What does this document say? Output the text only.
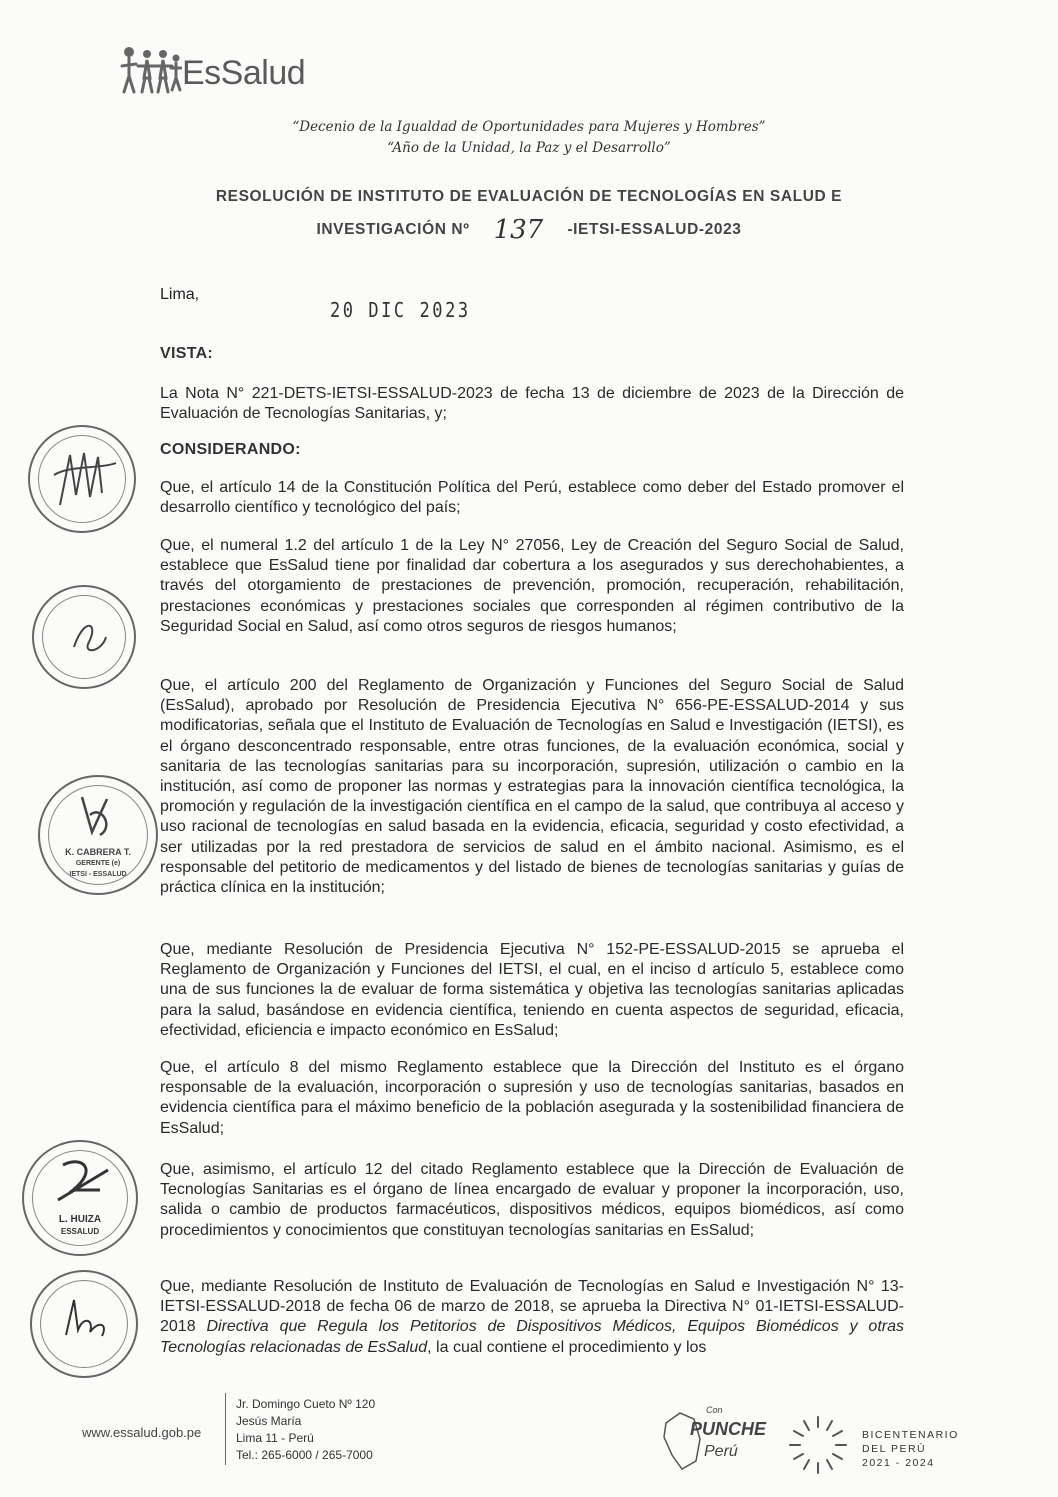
EsSalud
“Decenio de la Igualdad de Oportunidades para Mujeres y Hombres”
“Año de la Unidad, la Paz y el Desarrollo”
RESOLUCIÓN DE INSTITUTO DE EVALUACIÓN DE TECNOLOGÍAS EN SALUD E
INVESTIGACIÓN Nº 137 -IETSI-ESSALUD-2023
Lima,
20 DIC 2023
VISTA:
La Nota N° 221-DETS-IETSI-ESSALUD-2023 de fecha 13 de diciembre de 2023 de la Dirección de Evaluación de Tecnologías Sanitarias, y;
CONSIDERANDO:
Que, el artículo 14 de la Constitución Política del Perú, establece como deber del Estado promover el desarrollo científico y tecnológico del país;
Que, el numeral 1.2 del artículo 1 de la Ley N° 27056, Ley de Creación del Seguro Social de Salud, establece que EsSalud tiene por finalidad dar cobertura a los asegurados y sus derechohabientes, a través del otorgamiento de prestaciones de prevención, promoción, recuperación, rehabilitación, prestaciones económicas y prestaciones sociales que corresponden al régimen contributivo de la Seguridad Social en Salud, así como otros seguros de riesgos humanos;
Que, el artículo 200 del Reglamento de Organización y Funciones del Seguro Social de Salud (EsSalud), aprobado por Resolución de Presidencia Ejecutiva N° 656-PE-ESSALUD-2014 y sus modificatorias, señala que el Instituto de Evaluación de Tecnologías en Salud e Investigación (IETSI), es el órgano desconcentrado responsable, entre otras funciones, de la evaluación económica, social y sanitaria de las tecnologías sanitarias para su incorporación, supresión, utilización o cambio en la institución, así como de proponer las normas y estrategias para la innovación científica tecnológica, la promoción y regulación de la investigación científica en el campo de la salud, que contribuya al acceso y uso racional de tecnologías en salud basada en la evidencia, eficacia, seguridad y costo efectividad, a ser utilizadas por la red prestadora de servicios de salud en el ámbito nacional. Asimismo, es el responsable del petitorio de medicamentos y del listado de bienes de tecnologías sanitarias y guías de práctica clínica en la institución;
Que, mediante Resolución de Presidencia Ejecutiva N° 152-PE-ESSALUD-2015 se aprueba el Reglamento de Organización y Funciones del IETSI, el cual, en el inciso d artículo 5, establece como una de sus funciones la de evaluar de forma sistemática y objetiva las tecnologías sanitarias aplicadas para la salud, basándose en evidencia científica, teniendo en cuenta aspectos de seguridad, eficacia, efectividad, eficiencia e impacto económico en EsSalud;
Que, el artículo 8 del mismo Reglamento establece que la Dirección del Instituto es el órgano responsable de la evaluación, incorporación o supresión y uso de tecnologías sanitarias, basados en evidencia científica para el máximo beneficio de la población asegurada y la sostenibilidad financiera de EsSalud;
Que, asimismo, el artículo 12 del citado Reglamento establece que la Dirección de Evaluación de Tecnologías Sanitarias es el órgano de línea encargado de evaluar y proponer la incorporación, uso, salida o cambio de productos farmacéuticos, dispositivos médicos, equipos biomédicos, así como procedimientos y conocimientos que constituyan tecnologías sanitarias en EsSalud;
Que, mediante Resolución de Instituto de Evaluación de Tecnologías en Salud e Investigación N° 13-IETSI-ESSALUD-2018 de fecha 06 de marzo de 2018, se aprueba la Directiva N° 01-IETSI-ESSALUD-2018 Directiva que Regula los Petitorios de Dispositivos Médicos, Equipos Biomédicos y otras Tecnologías relacionadas de EsSalud, la cual contiene el procedimiento y los
K. CABRERA T.
GERENTE (e)
IETSI - ESSALUD
L. HUIZA
ESSALUD
www.essalud.gob.pe
Jr. Domingo Cueto Nº 120
Jesús María
Lima 11 - Perú
Tel.: 265-6000 / 265-7000
Con
PUNCHE
Perú
BICENTENARIO
DEL PERÚ
2021 - 2024
